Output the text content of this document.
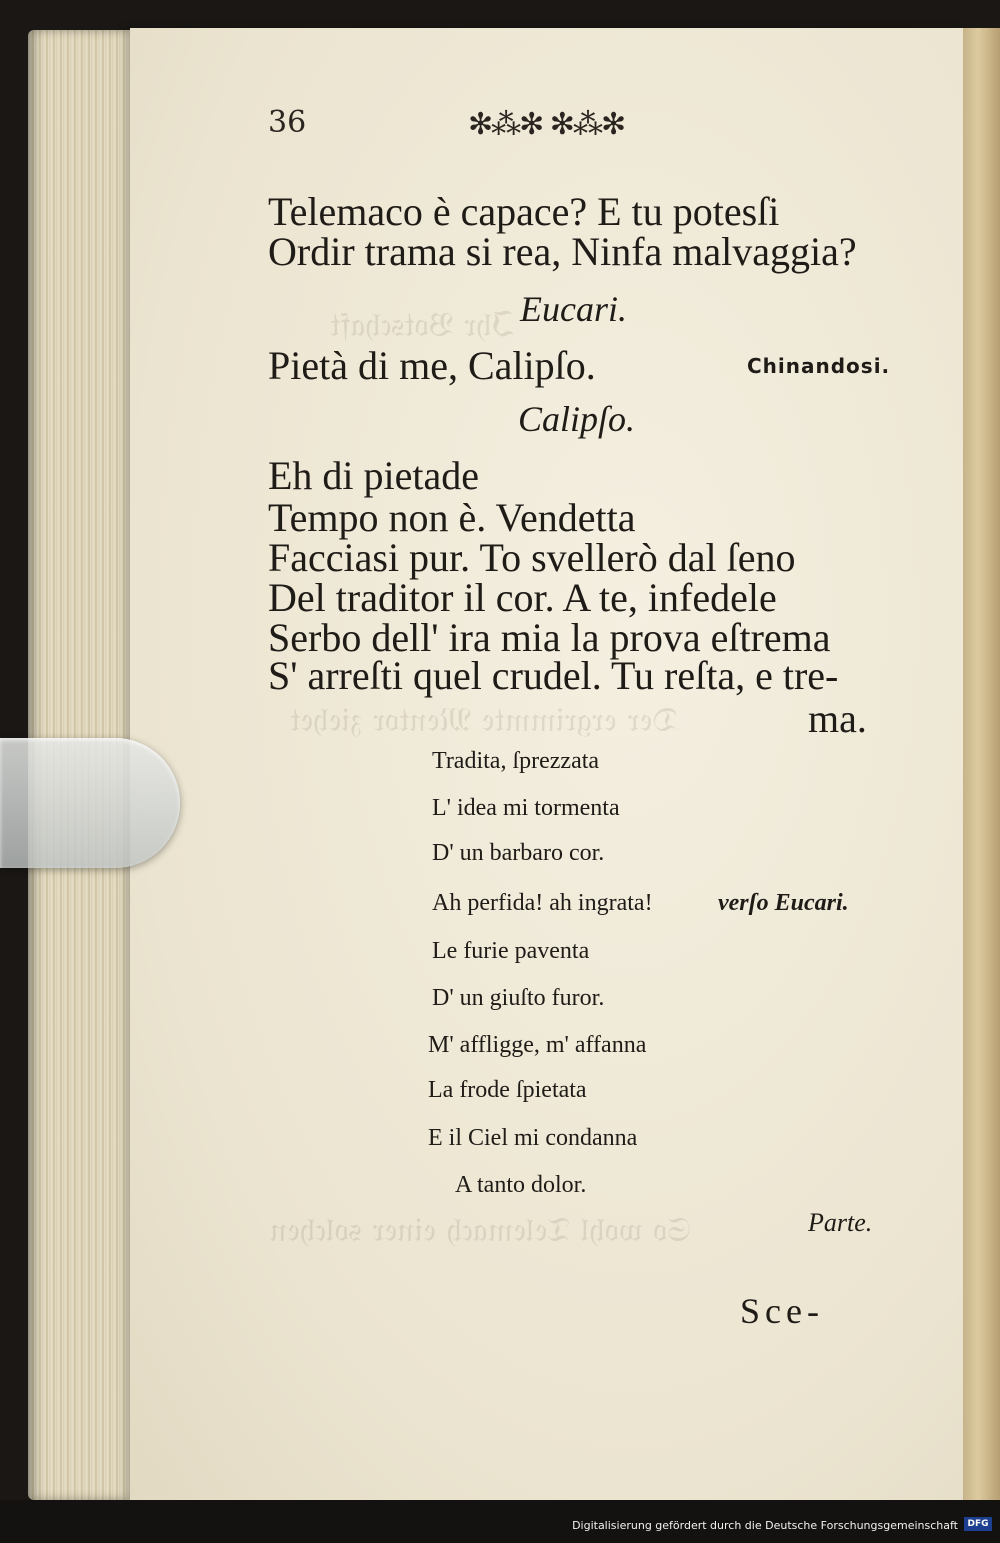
ℑ𝔥𝔯 𝔅𝔬𝔱𝔰𝔠𝔥𝔞𝔣𝔱
𝔇𝔢𝔯 𝔢𝔯𝔤𝔯𝔦𝔪𝔪𝔱𝔢 𝔐𝔢𝔫𝔱𝔬𝔯 𝔷𝔦𝔢𝔥𝔢𝔱
𝔖𝔬 𝔴𝔬𝔥𝔩 𝔗𝔢𝔩𝔢𝔪𝔞𝔠𝔥 𝔢𝔦𝔫𝔢𝔯 𝔰𝔬𝔩𝔠𝔥𝔢𝔫
36	✻⁂✻ ✻⁂✻
Telemaco è capace? E tu potesſi
Ordir trama si rea, Ninfa malvaggia?
Eucari.
Pietà di me, Calipſo.	Chinandosi.
Calipſo.
Eh di pietade
Tempo non è. Vendetta
Facciasi pur. To svellerò dal ſeno
Del traditor il cor. A te, infedele
Serbo dell' ira mia la prova eſtrema
S' arreſti quel crudel. Tu reſta, e tre-
ma.
Tradita, ſprezzata
L' idea mi tormenta
D' un barbaro cor.
Ah perfida! ah ingrata!	verſo Eucari.
Le furie paventa
D' un giuſto furor.
M' affligge, m' affanna
La frode ſpietata
E il Ciel mi condanna
A tanto dolor.
Parte.
Sce-
Digitalisierung gefördert durch die Deutsche Forschungsgemeinschaft	DFG
